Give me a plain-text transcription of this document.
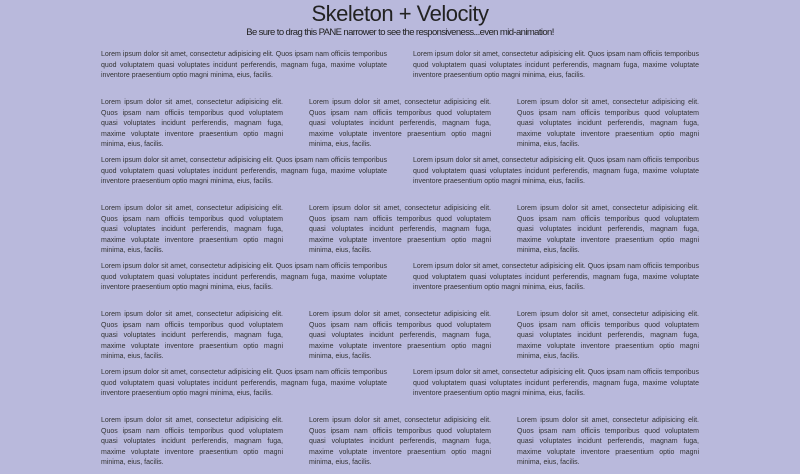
Skeleton + Velocity
Be sure to drag this PANE narrower to see the responsiveness...even mid-animation!

Lorem ipsum dolor sit amet, consectetur adipisicing elit. Quos ipsam nam officiis temporibus quod voluptatem quasi voluptates incidunt perferendis, magnam fuga, maxime voluptate inventore praesentium optio magni minima, eius, facilis.

Lorem ipsum dolor sit amet, consectetur adipisicing elit. Quos ipsam nam officiis temporibus quod voluptatem quasi voluptates incidunt perferendis, magnam fuga, maxime voluptate inventore praesentium optio magni minima, eius, facilis.

Lorem ipsum dolor sit amet, consectetur adipisicing elit. Quos ipsam nam officiis temporibus quod voluptatem quasi voluptates incidunt perferendis, magnam fuga, maxime voluptate inventore praesentium optio magni minima, eius, facilis.

Lorem ipsum dolor sit amet, consectetur adipisicing elit. Quos ipsam nam officiis temporibus quod voluptatem quasi voluptates incidunt perferendis, magnam fuga, maxime voluptate inventore praesentium optio magni minima, eius, facilis.

Lorem ipsum dolor sit amet, consectetur adipisicing elit. Quos ipsam nam officiis temporibus quod voluptatem quasi voluptates incidunt perferendis, magnam fuga, maxime voluptate inventore praesentium optio magni minima, eius, facilis.

Lorem ipsum dolor sit amet, consectetur adipisicing elit. Quos ipsam nam officiis temporibus quod voluptatem quasi voluptates incidunt perferendis, magnam fuga, maxime voluptate inventore praesentium optio magni minima, eius, facilis.

Lorem ipsum dolor sit amet, consectetur adipisicing elit. Quos ipsam nam officiis temporibus quod voluptatem quasi voluptates incidunt perferendis, magnam fuga, maxime voluptate inventore praesentium optio magni minima, eius, facilis.

Lorem ipsum dolor sit amet, consectetur adipisicing elit. Quos ipsam nam officiis temporibus quod voluptatem quasi voluptates incidunt perferendis, magnam fuga, maxime voluptate inventore praesentium optio magni minima, eius, facilis.

Lorem ipsum dolor sit amet, consectetur adipisicing elit. Quos ipsam nam officiis temporibus quod voluptatem quasi voluptates incidunt perferendis, magnam fuga, maxime voluptate inventore praesentium optio magni minima, eius, facilis.

Lorem ipsum dolor sit amet, consectetur adipisicing elit. Quos ipsam nam officiis temporibus quod voluptatem quasi voluptates incidunt perferendis, magnam fuga, maxime voluptate inventore praesentium optio magni minima, eius, facilis.

Lorem ipsum dolor sit amet, consectetur adipisicing elit. Quos ipsam nam officiis temporibus quod voluptatem quasi voluptates incidunt perferendis, magnam fuga, maxime voluptate inventore praesentium optio magni minima, eius, facilis.

Lorem ipsum dolor sit amet, consectetur adipisicing elit. Quos ipsam nam officiis temporibus quod voluptatem quasi voluptates incidunt perferendis, magnam fuga, maxime voluptate inventore praesentium optio magni minima, eius, facilis.

Lorem ipsum dolor sit amet, consectetur adipisicing elit. Quos ipsam nam officiis temporibus quod voluptatem quasi voluptates incidunt perferendis, magnam fuga, maxime voluptate inventore praesentium optio magni minima, eius, facilis.

Lorem ipsum dolor sit amet, consectetur adipisicing elit. Quos ipsam nam officiis temporibus quod voluptatem quasi voluptates incidunt perferendis, magnam fuga, maxime voluptate inventore praesentium optio magni minima, eius, facilis.

Lorem ipsum dolor sit amet, consectetur adipisicing elit. Quos ipsam nam officiis temporibus quod voluptatem quasi voluptates incidunt perferendis, magnam fuga, maxime voluptate inventore praesentium optio magni minima, eius, facilis.

Lorem ipsum dolor sit amet, consectetur adipisicing elit. Quos ipsam nam officiis temporibus quod voluptatem quasi voluptates incidunt perferendis, magnam fuga, maxime voluptate inventore praesentium optio magni minima, eius, facilis.

Lorem ipsum dolor sit amet, consectetur adipisicing elit. Quos ipsam nam officiis temporibus quod voluptatem quasi voluptates incidunt perferendis, magnam fuga, maxime voluptate inventore praesentium optio magni minima, eius, facilis.

Lorem ipsum dolor sit amet, consectetur adipisicing elit. Quos ipsam nam officiis temporibus quod voluptatem quasi voluptates incidunt perferendis, magnam fuga, maxime voluptate inventore praesentium optio magni minima, eius, facilis.

Lorem ipsum dolor sit amet, consectetur adipisicing elit. Quos ipsam nam officiis temporibus quod voluptatem quasi voluptates incidunt perferendis, magnam fuga, maxime voluptate inventore praesentium optio magni minima, eius, facilis.

Lorem ipsum dolor sit amet, consectetur adipisicing elit. Quos ipsam nam officiis temporibus quod voluptatem quasi voluptates incidunt perferendis, magnam fuga, maxime voluptate inventore praesentium optio magni minima, eius, facilis.
